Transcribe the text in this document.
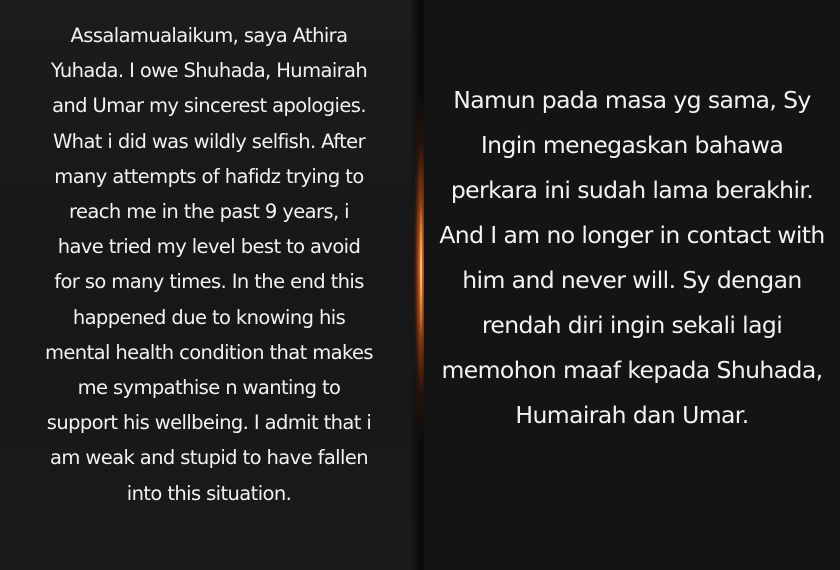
Assalamualaikum, saya Athira Yuhada. I owe Shuhada, Humairah and Umar my sincerest apologies. What i did was wildly selfish. After many attempts of hafidz trying to reach me in the past 9 years, i have tried my level best to avoid for so many times. In the end this happened due to knowing his mental health condition that makes me sympathise n wanting to support his wellbeing. I admit that i am weak and stupid to have fallen into this situation.

Namun pada masa yg sama, Sy Ingin menegaskan bahawa perkara ini sudah lama berakhir. And I am no longer in contact with him and never will. Sy dengan rendah diri ingin sekali lagi memohon maaf kepada Shuhada, Humairah dan Umar.
